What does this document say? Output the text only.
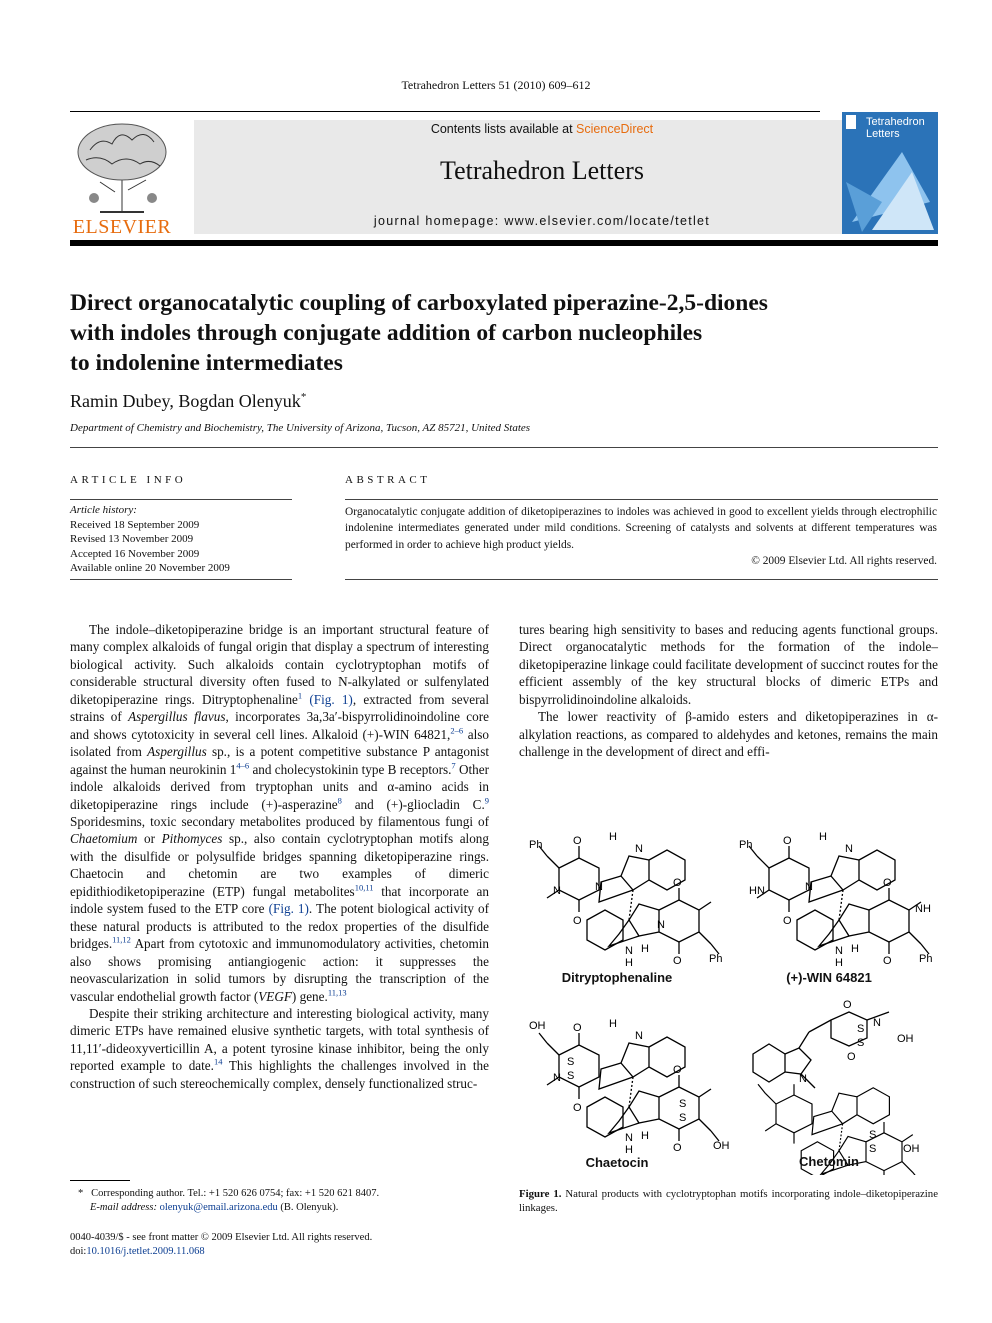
Tetrahedron Letters 51 (2010) 609–612
ELSEVIER
Contents lists available at ScienceDirect
Tetrahedron Letters
journal homepage: www.elsevier.com/locate/tetlet
Tetrahedron
Letters
Direct organocatalytic coupling of carboxylated piperazine-2,5-diones
with indoles through conjugate addition of carbon nucleophiles
to indolenine intermediates
Ramin Dubey, Bogdan Olenyuk*
Department of Chemistry and Biochemistry, The University of Arizona, Tucson, AZ 85721, United States
ARTICLE INFO
Article history:
Received 18 September 2009
Revised 13 November 2009
Accepted 16 November 2009
Available online 20 November 2009
ABSTRACT
Organocatalytic conjugate addition of diketopiperazines to indoles was achieved in good to excellent yields through electrophilic indolenine intermediates generated under mild conditions. Screening of catalysts and solvents at different temperatures was performed in order to achieve high product yields.
© 2009 Elsevier Ltd. All rights reserved.

The indole–diketopiperazine bridge is an important structural feature of many complex alkaloids of fungal origin that display a spectrum of interesting biological activity. Such alkaloids contain cyclotryptophan motifs of considerable structural diversity often fused to N-alkylated or sulfenylated diketopiperazine rings. Ditryptophenaline$^1$ (Fig. 1), extracted from several strains of Aspergillus flavus, incorporates 3a,3a′-bispyrrolidinoindoline core and shows cytotoxicity in several cell lines. Alkaloid (+)-WIN 64821,$^{2-6}$ also isolated from Aspergillus sp., is a potent competitive substance P antagonist against the human neurokinin 1$^{4-6}$ and cholecystokinin type B receptors.$^7$ Other indole alkaloids derived from tryptophan units and α-amino acids in diketopiperazine rings include (+)-asperazine$^8$ and (+)-gliocladin C.$^9$ Sporidesmins, toxic secondary metabolites produced by filamentous fungi of Chaetomium or Pithomyces sp., also contain cyclotryptophan motifs along with the disulfide or polysulfide bridges spanning diketopiperazine rings. Chaetocin and chetomin are two examples of dimeric epidithiodiketopiperazine (ETP) fungal metabolites$^{10,11}$ that incorporate an indole system fused to the ETP core (Fig. 1). The potent biological activity of these natural products is attributed to the redox properties of the disulfide bridges.$^{11,12}$ Apart from cytotoxic and immunomodulatory activities, chetomin also shows promising antiangiogenic action: it suppresses the neovascularization in solid tumors by disrupting the transcription of the vascular endothelial growth factor (VEGF) gene.$^{11,13}$

Despite their striking architecture and interesting biological activity, many dimeric ETPs have remained elusive synthetic targets, with total synthesis of 11,11′-dideoxyverticillin A, a potent tyrosine kinase inhibitor, being the only reported example to date.$^{14}$ This highlights the challenges involved in the construction of such stereochemically complex, densely functionalized struc-

tures bearing high sensitivity to bases and reducing agents functional groups. Direct organocatalytic methods for the formation of the indole–diketopiperazine linkage could facilitate development of succinct routes for the efficient assembly of the key structural blocks of dimeric ETPs and bispyrrolidinoindoline alkaloids.

The lower reactivity of β-amido esters and diketopiperazines in α-alkylation reactions, as compared to aldehydes and ketones, remains the main challenge in the development of direct and effi-

Ph	N
H
O
O
N	N	O
O
N
N H
H	Ph
Ph	N
H
O
O
HN	N	O
O
NH
N H
H	Ph
OH
N
H
O
O
S
S
N
O
O
S
S
N H
H	OH
N
O
N
S
S
O
OH
S
S OH
Ditryptophenaline	(+)-WIN 64821
Chaetocin	Chetomin
Figure 1. Natural products with cyclotryptophan motifs incorporating indole–diketopiperazine linkages.
* Corresponding author. Tel.: +1 520 626 0754; fax: +1 520 621 8407.
E-mail address: olenyuk@email.arizona.edu (B. Olenyuk).
0040-4039/$ - see front matter © 2009 Elsevier Ltd. All rights reserved.
doi:10.1016/j.tetlet.2009.11.068
